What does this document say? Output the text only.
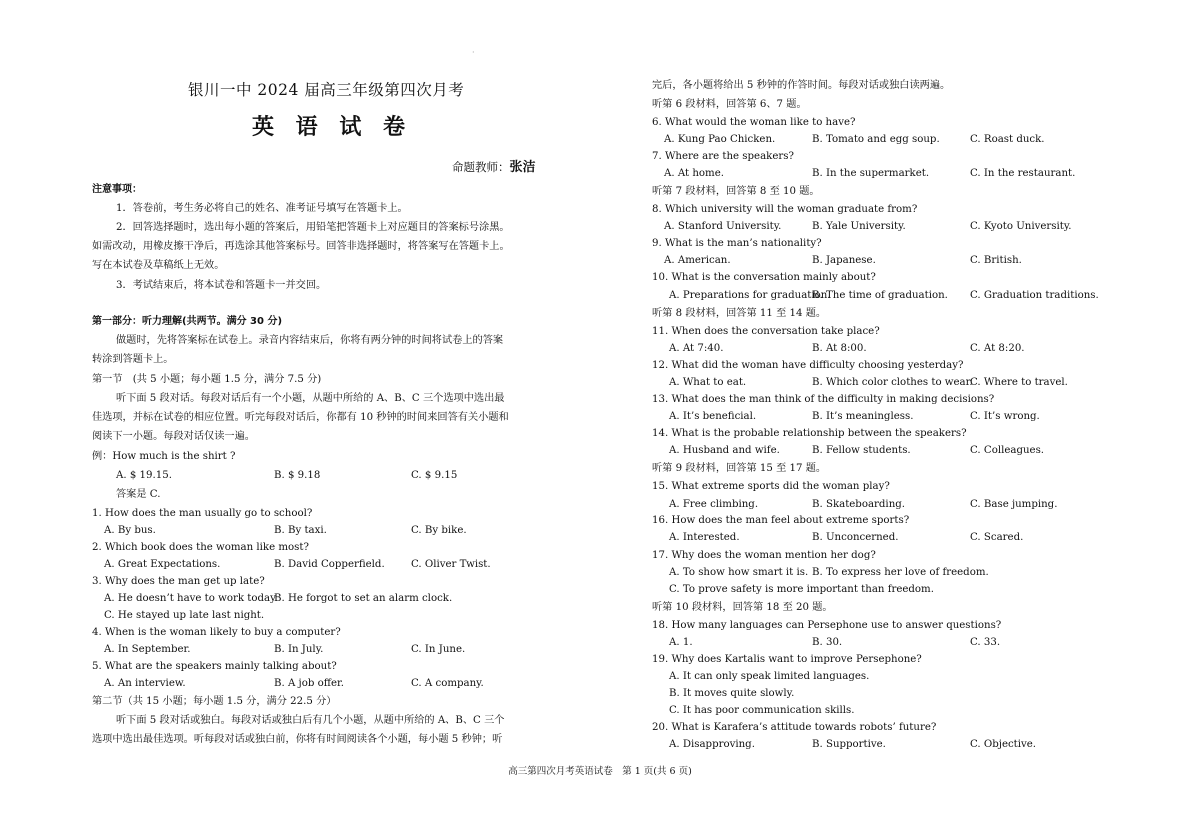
·
银川一中 2024 届高三年级第四次月考
英 语 试 卷
命题教师：张洁
注意事项：
1．答卷前，考生务必将自己的姓名、准考证号填写在答题卡上。
2．回答选择题时，选出每小题的答案后，用铅笔把答题卡上对应题目的答案标号涂黑。
如需改动，用橡皮擦干净后，再选涂其他答案标号。回答非选择题时，将答案写在答题卡上。
写在本试卷及草稿纸上无效。
3．考试结束后，将本试卷和答题卡一并交回。
第一部分：听力理解(共两节。满分 30 分)
做题时，先将答案标在试卷上。录音内容结束后，你将有两分钟的时间将试卷上的答案
转涂到答题卡上。
第一节　(共 5 小题；每小题 1.5 分，满分 7.5 分)
听下面 5 段对话。每段对话后有一个小题，从题中所给的 A、B、C 三个选项中选出最
佳选项，并标在试卷的相应位置。听完每段对话后，你都有 10 秒钟的时间来回答有关小题和
阅读下一小题。每段对话仅读一遍。
例：How much is the shirt ?
A. $ 19.15.	B. $ 9.18	C. $ 9.15
答案是 C.
1. How does the man usually go to school?
A. By bus.	B. By taxi.	C. By bike.
2. Which book does the woman like most?
A. Great Expectations.	B. David Copperfield.	C. Oliver Twist.
3. Why does the man get up late?
A. He doesn’t have to work today.
B. He forgot to set an alarm clock.
C. He stayed up late last night.
4. When is the woman likely to buy a computer?
A. In September.	B. In July.	C. In June.
5. What are the speakers mainly talking about?
A. An interview.	B. A job offer.	C. A company.
第二节（共 15 小题；每小题 1.5 分，满分 22.5 分）
听下面 5 段对话或独白。每段对话或独白后有几个小题，从题中所给的 A、B、C 三个
选项中选出最佳选项。听每段对话或独白前，你将有时间阅读各个小题，每小题 5 秒钟；听
完后，各小题将给出 5 秒钟的作答时间。每段对话或独白读两遍。
听第 6 段材料，回答第 6、7 题。
6. What would the woman like to have?
A. Kung Pao Chicken.	B. Tomato and egg soup.	C. Roast duck.
7. Where are the speakers?
A. At home.	B. In the supermarket.	C. In the restaurant.
听第 7 段材料，回答第 8 至 10 题。
8. Which university will the woman graduate from?
A. Stanford University.	B. Yale University.	C. Kyoto University.
9. What is the man’s nationality?
A. American.	B. Japanese.	C. British.
10. What is the conversation mainly about?
A. Preparations for graduation.
B. The time of graduation. C. Graduation traditions.
听第 8 段材料，回答第 11 至 14 题。
11. When does the conversation take place?
A. At 7:40.	B. At 8:00.	C. At 8:20.
12. What did the woman have difficulty choosing yesterday?
A. What to eat.	B. Which color clothes to wear.
C. Where to travel.
13. What does the man think of the difficulty in making decisions?
A. It’s beneficial.	B. It’s meaningless.	C. It’s wrong.
14. What is the probable relationship between the speakers?
A. Husband and wife.	B. Fellow students.	C. Colleagues.
听第 9 段材料，回答第 15 至 17 题。
15. What extreme sports did the woman play?
A. Free climbing.	B. Skateboarding.	C. Base jumping.
16. How does the man feel about extreme sports?
A. Interested.	B. Unconcerned.	C. Scared.
17. Why does the woman mention her dog?
A. To show how smart it is. B. To express her love of freedom.
C. To prove safety is more important than freedom.
听第 10 段材料，回答第 18 至 20 题。
18. How many languages can Persephone use to answer questions?
A. 1.	B. 30.	C. 33.
19. Why does Kartalis want to improve Persephone?
A. It can only speak limited languages.
B. It moves quite slowly.
C. It has poor communication skills.
20. What is Karafera’s attitude towards robots’ future?
A. Disapproving.	B. Supportive.	C. Objective.
高三第四次月考英语试卷　第 1 页(共 6 页)
